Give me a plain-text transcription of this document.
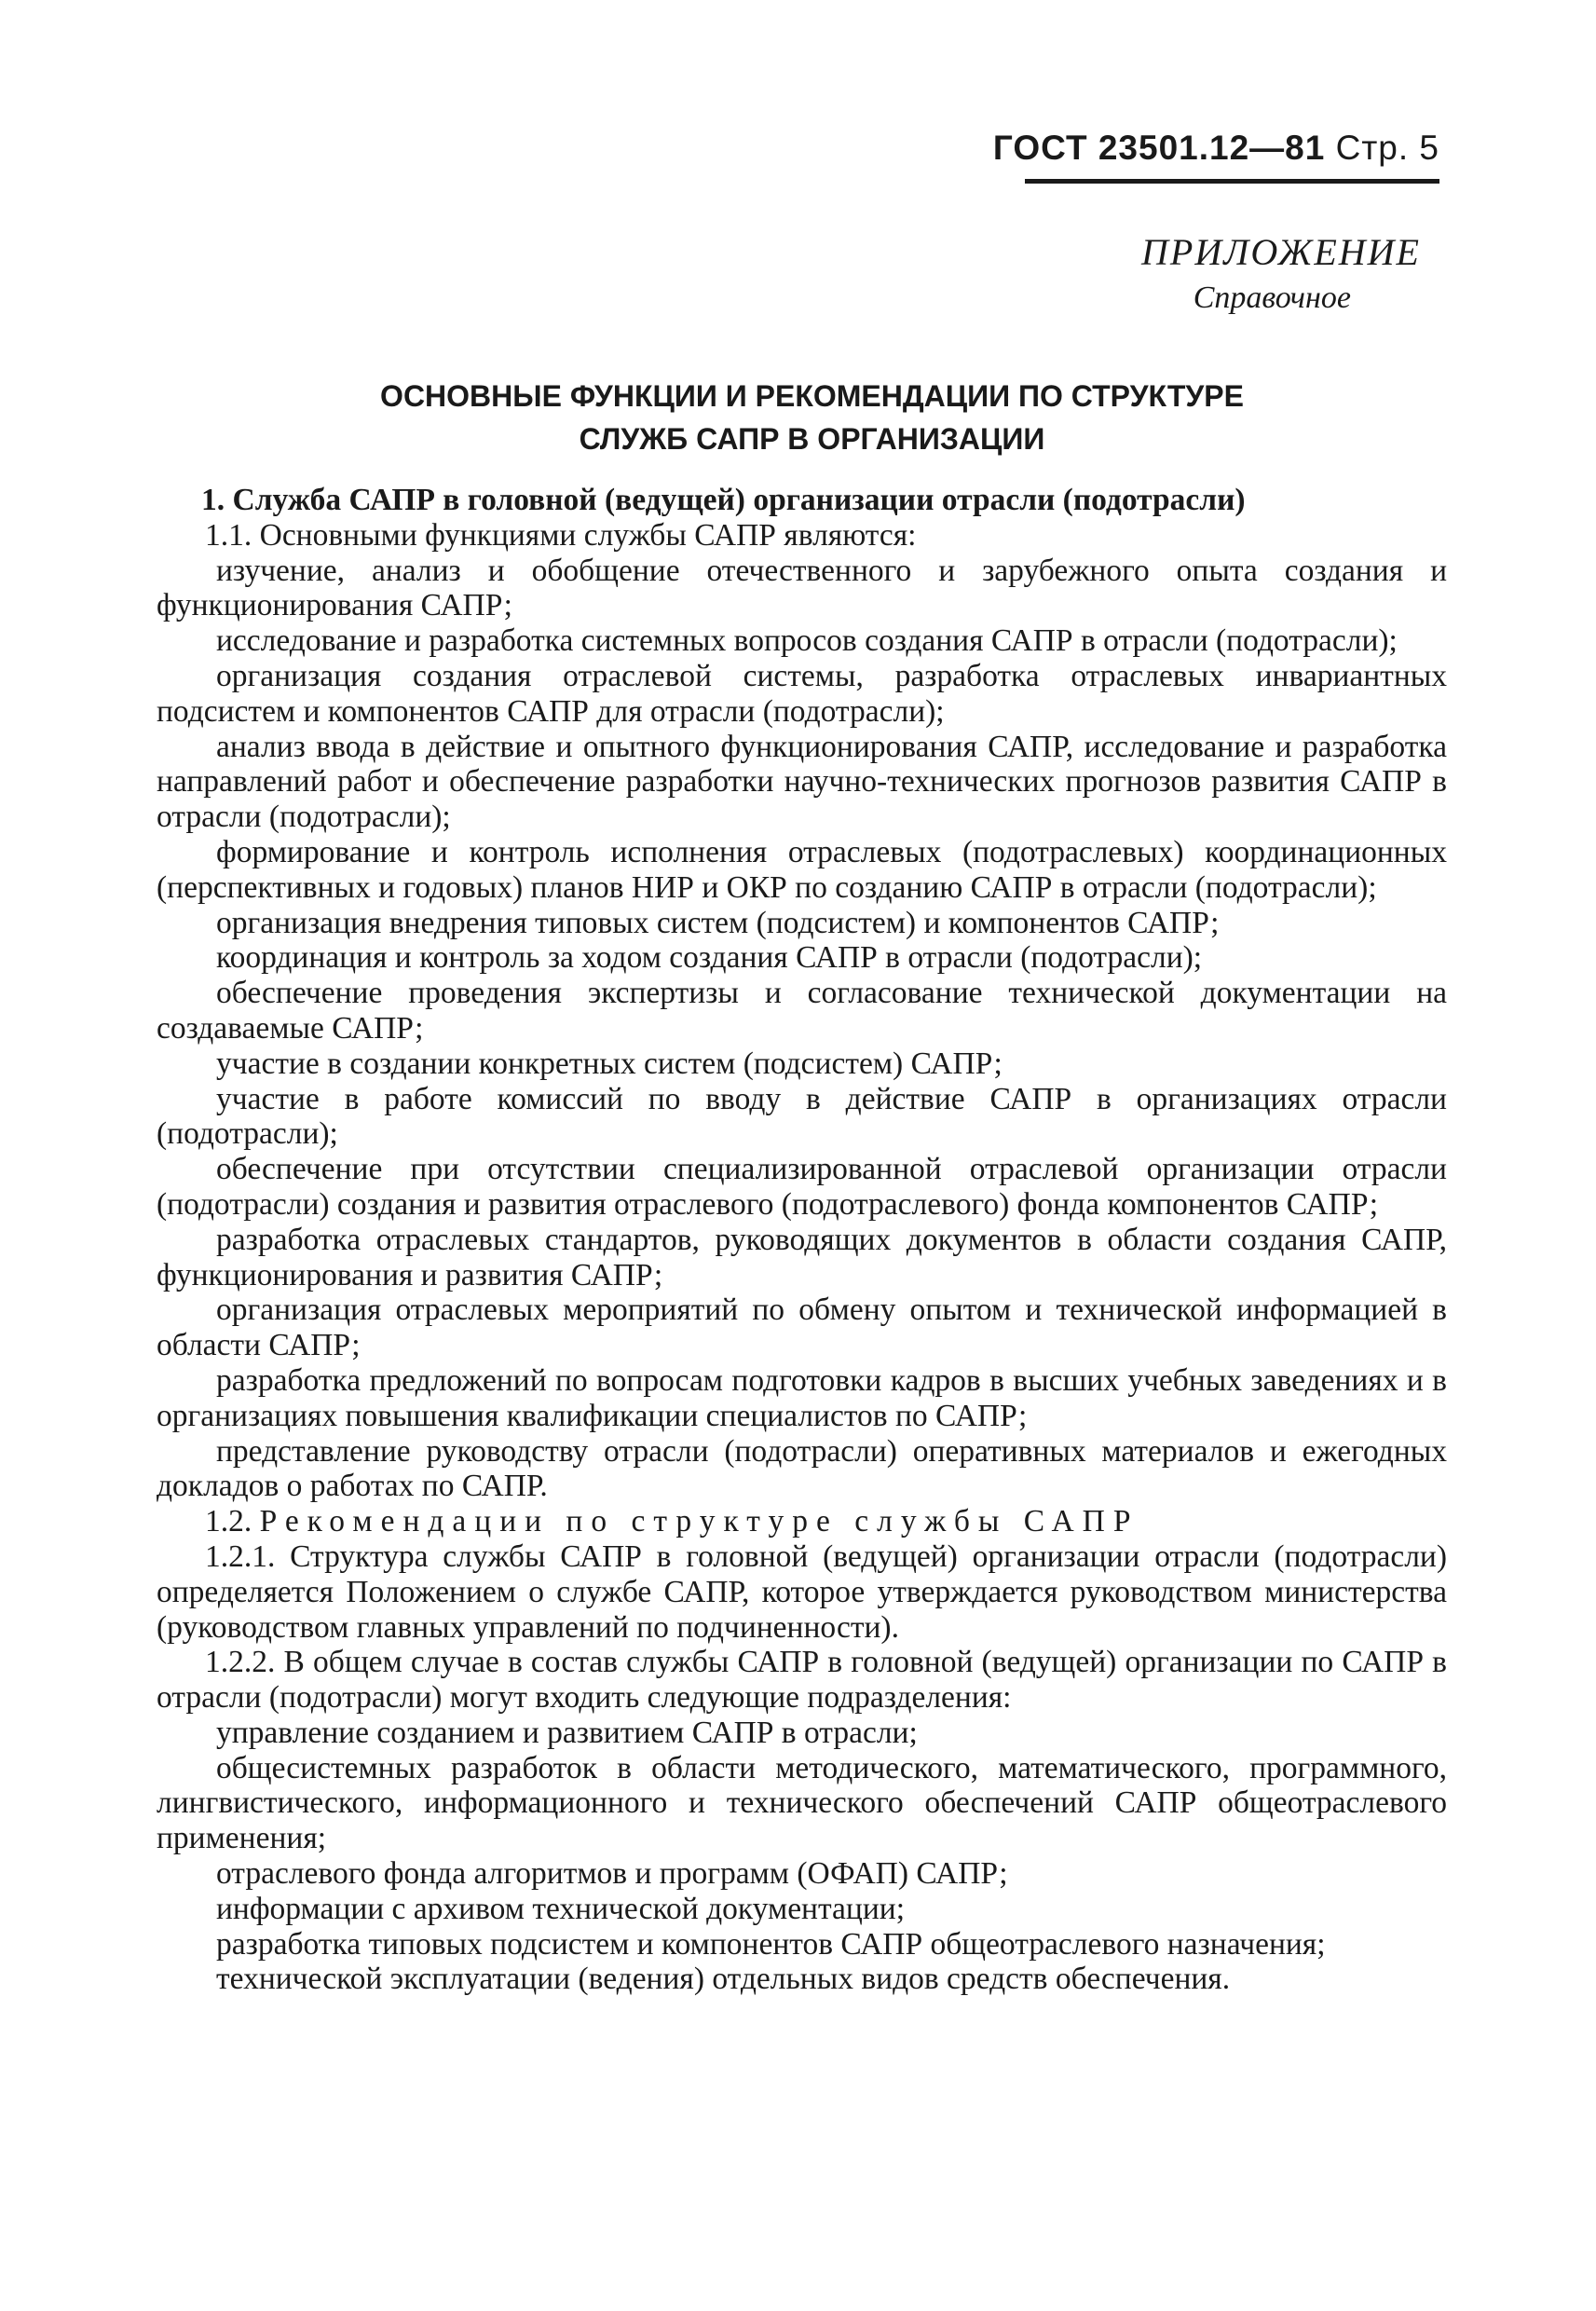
ГОСТ 23501.12—81 Стр. 5
ПРИЛОЖЕНИЕ
Справочное
ОСНОВНЫЕ ФУНКЦИИ И РЕКОМЕНДАЦИИ ПО СТРУКТУРЕ
СЛУЖБ САПР В ОРГАНИЗАЦИИ

1. Служба САПР в головной (ведущей) организации отрасли (подотрасли)

1.1. Основными функциями службы САПР являются:

изучение, анализ и обобщение отечественного и зарубежного опыта создания и функционирования САПР;

исследование и разработка системных вопросов создания САПР в отрасли (подотрасли);

организация создания отраслевой системы, разработка отраслевых инвариантных подсистем и компонентов САПР для отрасли (подотрасли);

анализ ввода в действие и опытного функционирования САПР, исследование и разработка направлений работ и обеспечение разработки научно-технических прогнозов развития САПР в отрасли (подотрасли);

формирование и контроль исполнения отраслевых (подотраслевых) координационных (перспективных и годовых) планов НИР и ОКР по созданию САПР в отрасли (подотрасли);

организация внедрения типовых систем (подсистем) и компонентов САПР;

координация и контроль за ходом создания САПР в отрасли (подотрасли);

обеспечение проведения экспертизы и согласование технической документации на создаваемые САПР;

участие в создании конкретных систем (подсистем) САПР;

участие в работе комиссий по вводу в действие САПР в организациях отрасли (подотрасли);

обеспечение при отсутствии специализированной отраслевой организации отрасли (подотрасли) создания и развития отраслевого (подотраслевого) фонда компонентов САПР;

разработка отраслевых стандартов, руководящих документов в области создания САПР, функционирования и развития САПР;

организация отраслевых мероприятий по обмену опытом и технической информацией в области САПР;

разработка предложений по вопросам подготовки кадров в высших учебных заведениях и в организациях повышения квалификации специалистов по САПР;

представление руководству отрасли (подотрасли) оперативных материалов и ежегодных докладов о работах по САПР.

1.2. Рекомендации по структуре службы САПР

1.2.1. Структура службы САПР в головной (ведущей) организации отрасли (подотрасли) определяется Положением о службе САПР, которое утверждается руководством министерства (руководством главных управлений по подчиненности).

1.2.2. В общем случае в состав службы САПР в головной (ведущей) организации по САПР в отрасли (подотрасли) могут входить следующие подразделения:

управление созданием и развитием САПР в отрасли;

общесистемных разработок в области методического, математического, программного, лингвистического, информационного и технического обеспечений САПР общеотраслевого применения;

отраслевого фонда алгоритмов и программ (ОФАП) САПР;

информации с архивом технической документации;

разработка типовых подсистем и компонентов САПР общеотраслевого назначения;

технической эксплуатации (ведения) отдельных видов средств обеспечения.
